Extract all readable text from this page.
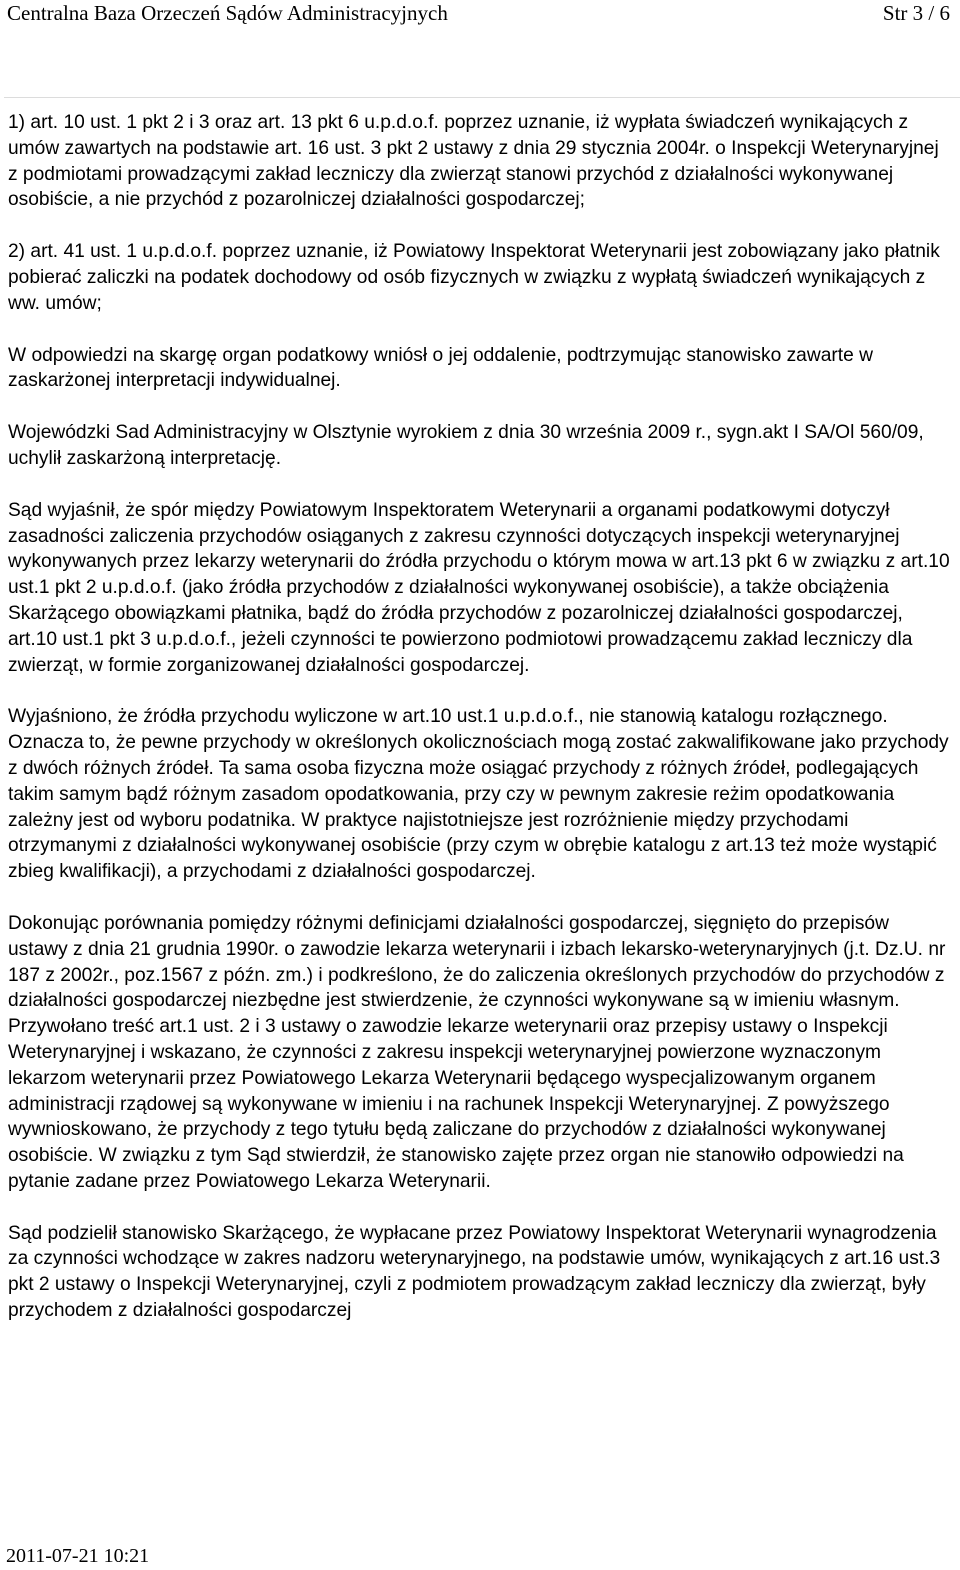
Centralna Baza Orzeczeń Sądów Administracyjnych	Str 3 / 6

1) art. 10 ust. 1 pkt 2 i 3 oraz art. 13 pkt 6 u.p.d.o.f. poprzez uznanie, iż wypłata świadczeń wynikających z umów zawartych na podstawie art. 16 ust. 3 pkt 2 ustawy z dnia 29 stycznia 2004r. o Inspekcji Weterynaryjnej z podmiotami prowadzącymi zakład leczniczy dla zwierząt stanowi przychód z działalności wykonywanej osobiście, a nie przychód z pozarolniczej działalności gospodarczej;

2) art. 41 ust. 1 u.p.d.o.f. poprzez uznanie, iż Powiatowy Inspektorat Weterynarii jest zobowiązany jako płatnik pobierać zaliczki na podatek dochodowy od osób fizycznych w związku z wypłatą świadczeń wynikających z ww. umów;

W odpowiedzi na skargę organ podatkowy wniósł o jej oddalenie, podtrzymując stanowisko zawarte w zaskarżonej interpretacji indywidualnej.

Wojewódzki Sad Administracyjny w Olsztynie wyrokiem z dnia 30 września 2009 r., sygn.akt I SA/Ol 560/09, uchylił zaskarżoną interpretację.

Sąd wyjaśnił, że spór między Powiatowym Inspektoratem Weterynarii a organami podatkowymi dotyczył zasadności zaliczenia przychodów osiąganych z zakresu czynności dotyczących inspekcji weterynaryjnej wykonywanych przez lekarzy weterynarii do źródła przychodu o którym mowa w art.13 pkt 6 w związku z art.10 ust.1 pkt 2 u.p.d.o.f. (jako źródła przychodów z działalności wykonywanej osobiście), a także obciążenia Skarżącego obowiązkami płatnika, bądź do źródła przychodów z pozarolniczej działalności gospodarczej, art.10 ust.1 pkt 3 u.p.d.o.f., jeżeli czynności te powierzono podmiotowi prowadzącemu zakład leczniczy dla zwierząt, w formie zorganizowanej działalności gospodarczej.

Wyjaśniono, że źródła przychodu wyliczone w art.10 ust.1 u.p.d.o.f., nie stanowią katalogu rozłącznego. Oznacza to, że pewne przychody w określonych okolicznościach mogą zostać zakwalifikowane jako przychody z dwóch różnych źródeł. Ta sama osoba fizyczna może osiągać przychody z różnych źródeł, podlegających takim samym bądź różnym zasadom opodatkowania, przy czy w pewnym zakresie reżim opodatkowania zależny jest od wyboru podatnika. W praktyce najistotniejsze jest rozróżnienie między przychodami otrzymanymi z działalności wykonywanej osobiście (przy czym w obrębie katalogu z art.13 też może wystąpić zbieg kwalifikacji), a przychodami z działalności gospodarczej.

Dokonując porównania pomiędzy różnymi definicjami działalności gospodarczej, sięgnięto do przepisów ustawy z dnia 21 grudnia 1990r. o zawodzie lekarza weterynarii i izbach lekarsko-weterynaryjnych (j.t. Dz.U. nr 187 z 2002r., poz.1567 z późn. zm.) i podkreślono, że do zaliczenia określonych przychodów do przychodów z działalności gospodarczej niezbędne jest stwierdzenie, że czynności wykonywane są w imieniu własnym. Przywołano treść art.1 ust. 2 i 3 ustawy o zawodzie lekarze weterynarii oraz przepisy ustawy o Inspekcji Weterynaryjnej i wskazano, że czynności z zakresu inspekcji weterynaryjnej powierzone wyznaczonym lekarzom weterynarii przez Powiatowego Lekarza Weterynarii będącego wyspecjalizowanym organem administracji rządowej są wykonywane w imieniu i na rachunek Inspekcji Weterynaryjnej. Z powyższego wywnioskowano, że przychody z tego tytułu będą zaliczane do przychodów z działalności wykonywanej osobiście. W związku z tym Sąd stwierdził, że stanowisko zajęte przez organ nie stanowiło odpowiedzi na pytanie zadane przez Powiatowego Lekarza Weterynarii.

Sąd podzielił stanowisko Skarżącego, że wypłacane przez Powiatowy Inspektorat Weterynarii wynagrodzenia za czynności wchodzące w zakres nadzoru weterynaryjnego, na podstawie umów, wynikających z art.16 ust.3 pkt 2 ustawy o Inspekcji Weterynaryjnej, czyli z podmiotem prowadzącym zakład leczniczy dla zwierząt, były przychodem z działalności gospodarczej

2011-07-21 10:21
